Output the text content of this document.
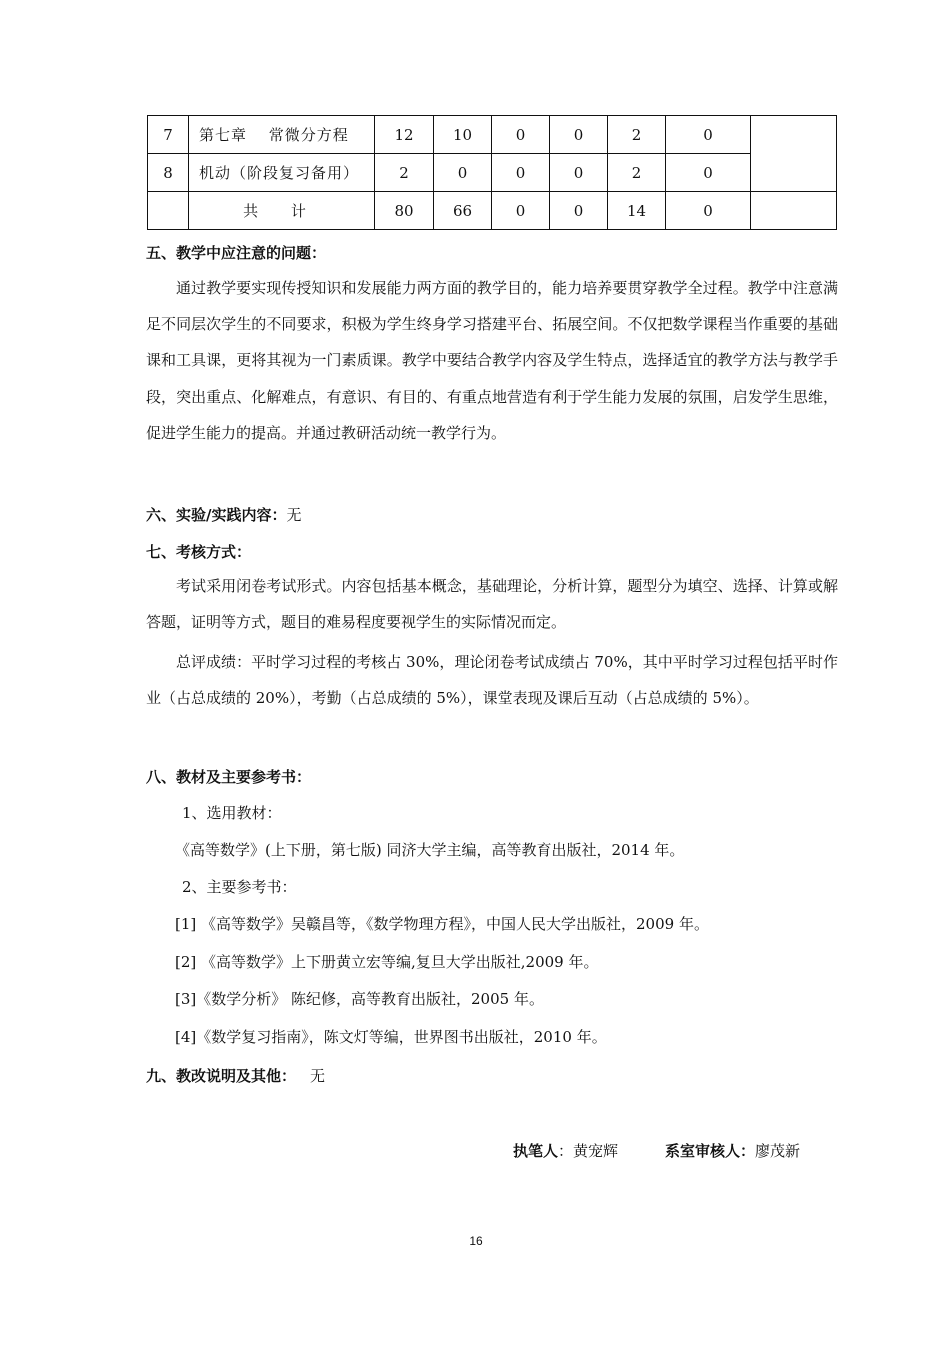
7	第七章　 常微分方程	12	10	0	0	2	0	
8	机动（阶段复习备用）	2	0	0	0	2	0	
	共 计	80	66	0	0	14	0	
五、教学中应注意的问题：

通过教学要实现传授知识和发展能力两方面的教学目的，能力培养要贯穿教学全过程。教学中注意满足不同层次学生的不同要求，积极为学生终身学习搭建平台、拓展空间。不仅把数学课程当作重要的基础课和工具课，更将其视为一门素质课。教学中要结合教学内容及学生特点，选择适宜的教学方法与教学手段，突出重点、化解难点，有意识、有目的、有重点地营造有利于学生能力发展的氛围，启发学生思维，促进学生能力的提高。并通过教研活动统一教学行为。

六、实验/实践内容：无
七、考核方式：

考试采用闭卷考试形式。内容包括基本概念，基础理论，分析计算，题型分为填空、选择、计算或解答题，证明等方式，题目的难易程度要视学生的实际情况而定。

总评成绩：平时学习过程的考核占 30%，理论闭卷考试成绩占 70%，其中平时学习过程包括平时作业（占总成绩的 20%），考勤（占总成绩的 5%），课堂表现及课后互动（占总成绩的 5%）。

八、教材及主要参考书：
1、选用教材：
《高等数学》(上下册，第七版) 同济大学主编，高等教育出版社，2014 年。
2、主要参考书：
[1] 《高等数学》吴赣昌等，《数学物理方程》，中国人民大学出版社，2009 年。
[2] 《高等数学》上下册黄立宏等编,复旦大学出版社,2009 年。
[3]《数学分析》 陈纪修，高等教育出版社，2005 年。
[4]《数学复习指南》，陈文灯等编，世界图书出版社，2010 年。
九、教改说明及其他： 无
执笔人：黄宠辉	系室审核人：廖茂新
16
